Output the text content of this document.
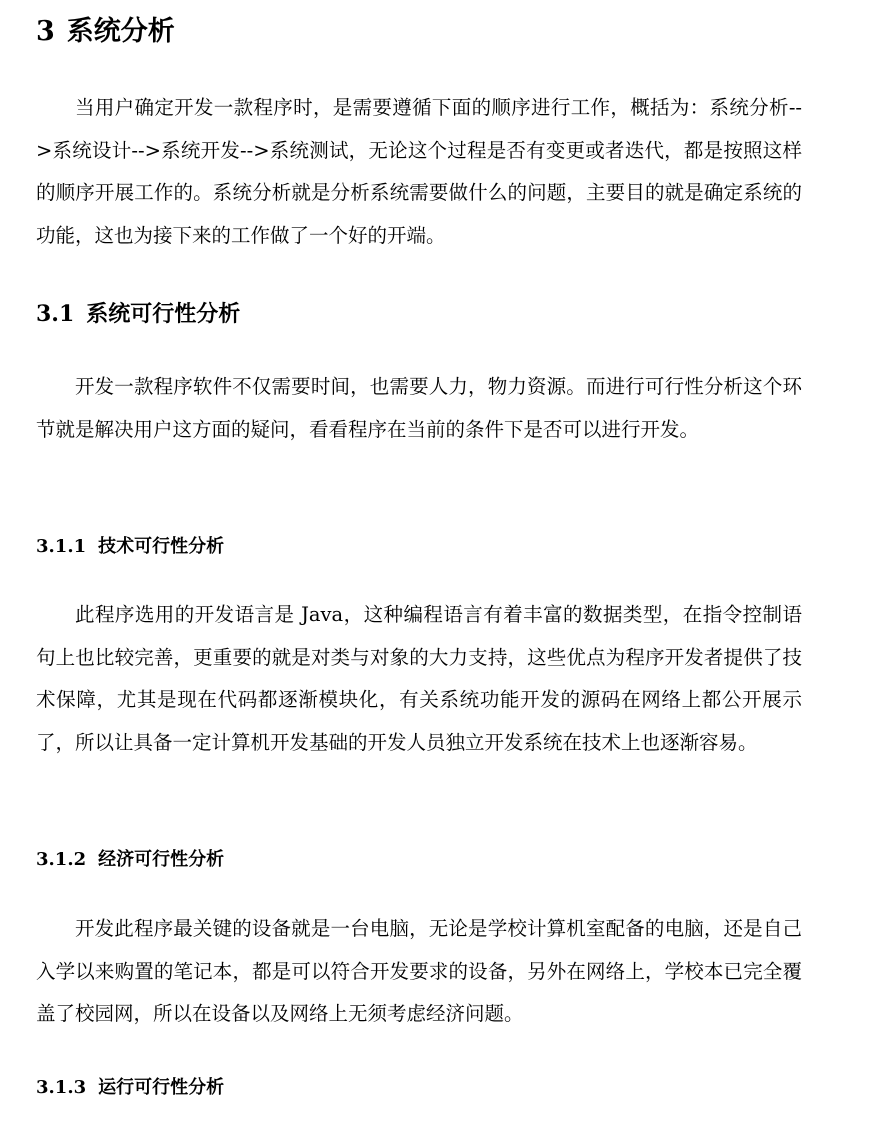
3 系统分析

当用户确定开发一款程序时，是需要遵循下面的顺序进行工作，概括为：系统分析-->系统设计-->系统开发-->系统测试，无论这个过程是否有变更或者迭代，都是按照这样的顺序开展工作的。系统分析就是分析系统需要做什么的问题，主要目的就是确定系统的功能，这也为接下来的工作做了一个好的开端。

3.1 系统可行性分析

开发一款程序软件不仅需要时间，也需要人力，物力资源。而进行可行性分析这个环节就是解决用户这方面的疑问，看看程序在当前的条件下是否可以进行开发。

3.1.1 技术可行性分析

此程序选用的开发语言是 Java，这种编程语言有着丰富的数据类型，在指令控制语句上也比较完善，更重要的就是对类与对象的大力支持，这些优点为程序开发者提供了技术保障，尤其是现在代码都逐渐模块化，有关系统功能开发的源码在网络上都公开展示了，所以让具备一定计算机开发基础的开发人员独立开发系统在技术上也逐渐容易。

3.1.2 经济可行性分析

开发此程序最关键的设备就是一台电脑，无论是学校计算机室配备的电脑，还是自己入学以来购置的笔记本，都是可以符合开发要求的设备，另外在网络上，学校本已完全覆盖了校园网，所以在设备以及网络上无须考虑经济问题。

3.1.3 运行可行性分析
